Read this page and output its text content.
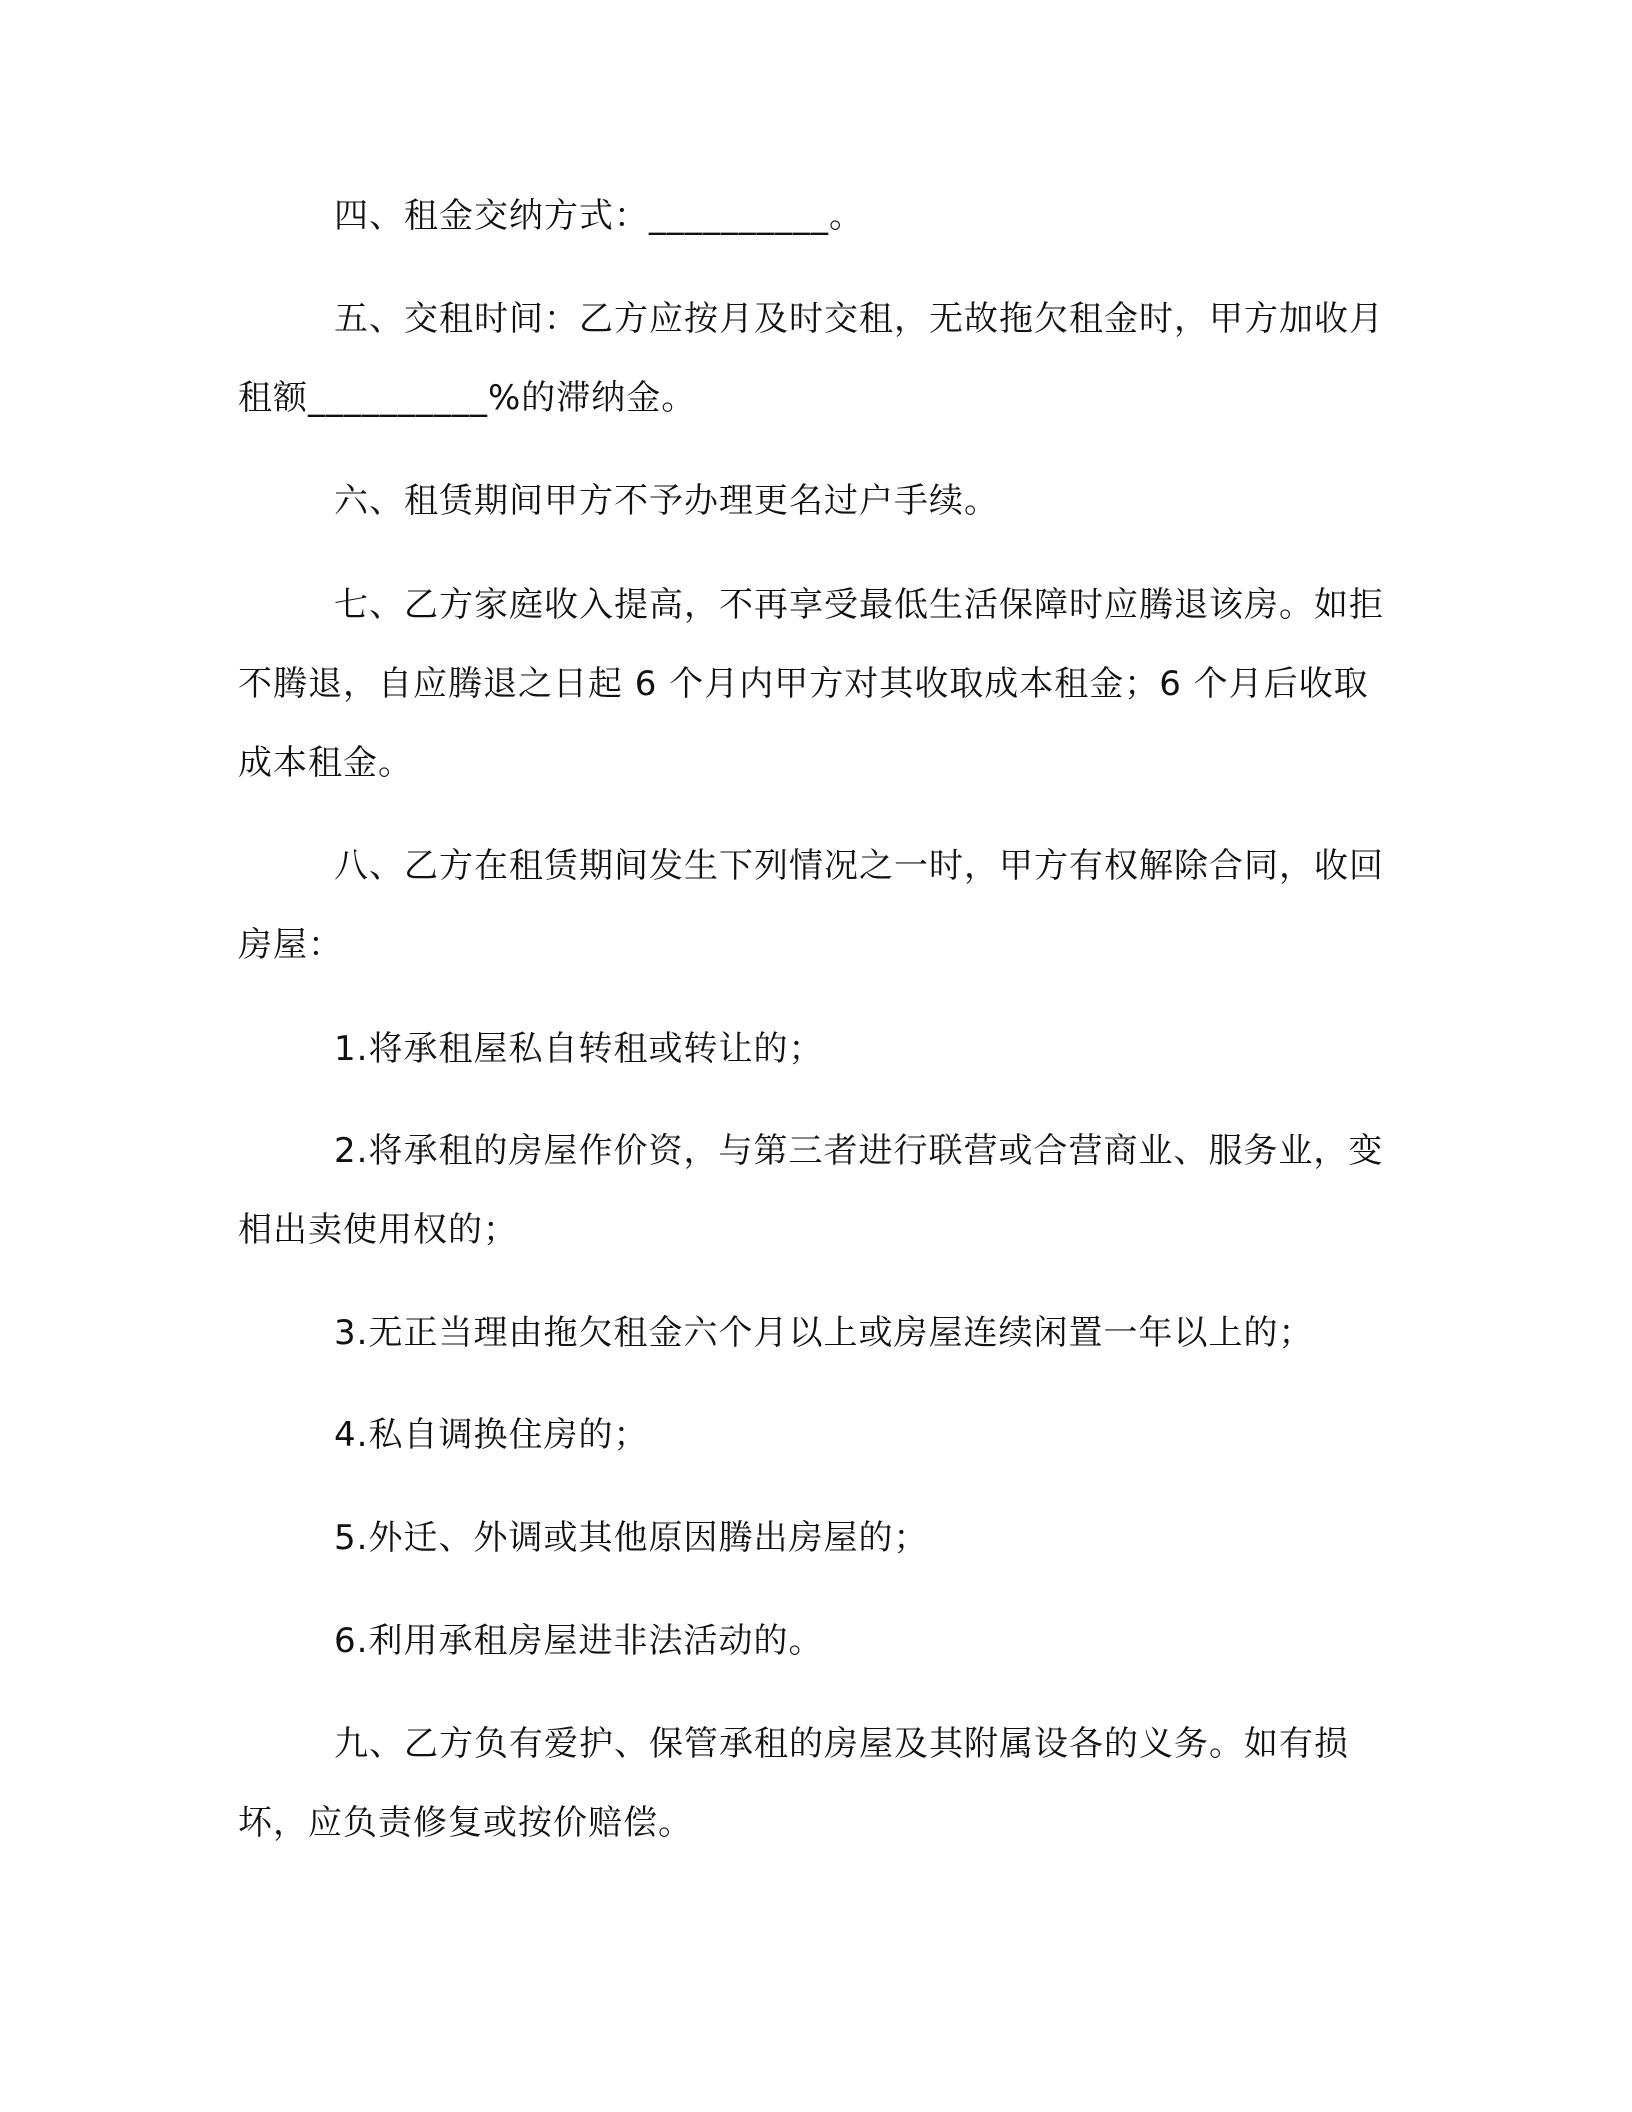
四、租金交纳方式：__________。

五、交租时间：乙方应按月及时交租，无故拖欠租金时，甲方加收月租额__________%的滞纳金。

六、租赁期间甲方不予办理更名过户手续。

七、乙方家庭收入提高，不再享受最低生活保障时应腾退该房。如拒不腾退，自应腾退之日起 6 个月内甲方对其收取成本租金；6 个月后收取成本租金。

八、乙方在租赁期间发生下列情况之一时，甲方有权解除合同，收回房屋：

1.将承租屋私自转租或转让的；

2.将承租的房屋作价资，与第三者进行联营或合营商业、服务业，变相出卖使用权的；

3.无正当理由拖欠租金六个月以上或房屋连续闲置一年以上的；

4.私自调换住房的；

5.外迁、外调或其他原因腾出房屋的；

6.利用承租房屋进非法活动的。

九、乙方负有爱护、保管承租的房屋及其附属设各的义务。如有损坏，应负责修复或按价赔偿。
